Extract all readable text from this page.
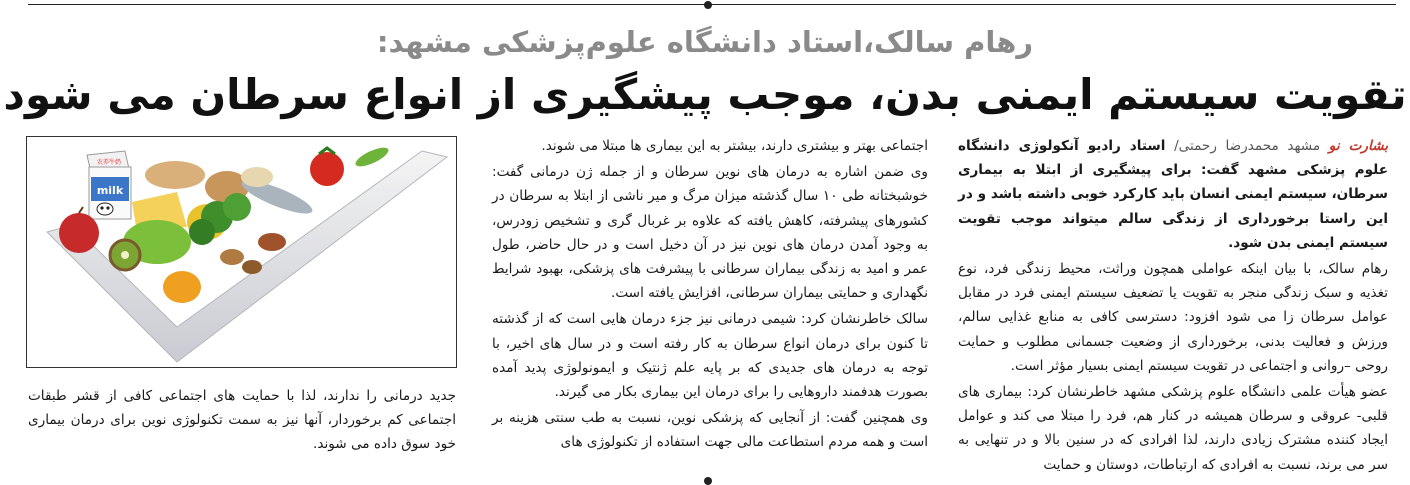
رهام سالک،استاد دانشگاه علوم‌پزشکی مشهد:
تقویت سیستم ایمنی بدن، موجب پیشگیری از انواع سرطان می شود

بشارت نو مشهد محمدرضا رحمتی/ استاد رادیو آنکولوژی دانشگاه علوم پزشکی مشهد گفت: برای پیشگیری از ابتلا به بیماری سرطان، سیستم ایمنی انسان باید کارکرد خوبی داشته باشد و در این راستا برخورداری از زندگی سالم میتواند موجب تقویت سیستم ایمنی بدن شود.

رهام سالک، با بیان اینکه عواملی همچون وراثت، محیط زندگی فرد، نوع تغذیه و سبک زندگی منجر به تقویت یا تضعیف سیستم ایمنی فرد در مقابل عوامل سرطان زا می شود افزود: دسترسی کافی به منابع غذایی سالم، ورزش و فعالیت بدنی، برخورداری از وضعیت جسمانی مطلوب و حمایت روحی –روانی و اجتماعی در تقویت سیستم ایمنی بسیار مؤثر است.

عضو هیأت علمی دانشگاه علوم پزشکی مشهد خاطرنشان کرد: بیماری های قلبی- عروقی و سرطان همیشه در کنار هم، فرد را مبتلا می کند و عوامل ایجاد کننده مشترک زیادی دارند، لذا افرادی که در سنین بالا و در تنهایی به سر می برند، نسبت به افرادی که ارتباطات، دوستان و حمایت

اجتماعی بهتر و بیشتری دارند، بیشتر به این بیماری ها مبتلا می شوند.

وی ضمن اشاره به درمان های نوین سرطان و از جمله ژن درمانی گفت: خوشبختانه طی ۱۰ سال گذشته میزان مرگ و میر ناشی از ابتلا به سرطان در کشورهای پیشرفته، کاهش یافته که علاوه بر غربال گری و تشخیص زودرس، به وجود آمدن درمان های نوین نیز در آن دخیل است و در حال حاضر، طول عمر و امید به زندگی بیماران سرطانی با پیشرفت های پزشکی، بهبود شرایط نگهداری و حمایتی بیماران سرطانی، افزایش یافته است.

سالک خاطرنشان کرد: شیمی درمانی نیز جزء درمان هایی است که از گذشته تا کنون برای درمان انواع سرطان به کار رفته است و در سال های اخیر، با توجه به درمان های جدیدی که بر پایه علم ژنتیک و ایمونولوژی پدید آمده بصورت هدفمند داروهایی را برای درمان این بیماری بکار می گیرند.

وی همچنین گفت: از آنجایی که پزشکی نوین، نسبت به طب سنتی هزینه بر است و همه مردم استطاعت مالی جهت استفاده از تکنولوژی های

milk
农养牛奶

جدید درمانی را ندارند، لذا با حمایت های اجتماعی کافی از قشر طبقات اجتماعی کم برخوردار، آنها نیز به سمت تکنولوژی نوین برای درمان بیماری خود سوق داده می شوند.
